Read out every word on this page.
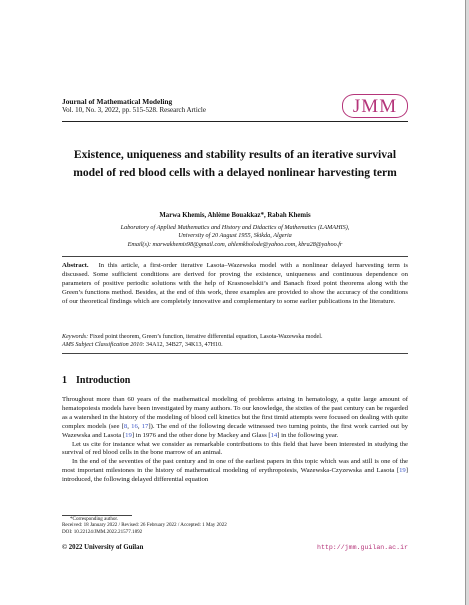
Journal of Mathematical Modeling
Vol. 10, No. 3, 2022, pp. 515-528. Research Article	JMM
Existence, uniqueness and stability results of an iterative survival model of red blood cells with a delayed nonlinear harvesting term
Marwa Khemis, Ahlème Bouakkaz*, Rabah Khemis
Laboratory of Applied Mathematics and History and Didactics of Mathematics (LAMAHIS),
University of 20 August 1955, Skikda, Algeria
Email(s): marwakhemis98@gmail.com, ahlemkholode@yahoo.com, kbra28@yahoo.fr
Abstract. In this article, a first-order iterative Lasota–Wazewska model with a nonlinear delayed harvesting term is discussed. Some sufficient conditions are derived for proving the existence, uniqueness and continuous dependence on parameters of positive periodic solutions with the help of Krasnoselskii’s and Banach fixed point theorems along with the Green’s functions method. Besides, at the end of this work, three examples are provided to show the accuracy of the conditions of our theoretical findings which are completely innovative and complementary to some earlier publications in the literature.
Keywords: Fixed point theorem, Green’s function, iterative differential equation, Lasota-Wazewska model.
AMS Subject Classification 2010: 34A12, 34B27, 34K13, 47H10.
1 Introduction

Throughout more than 60 years of the mathematical modeling of problems arising in hematology, a quite large amount of hematopoiesis models have been investigated by many authors. To our knowledge, the sixties of the past century can be regarded as a watershed in the history of the modeling of blood cell kinetics but the first timid attempts were focused on dealing with quite complex models (see [8, 16, 17]). The end of the following decade witnessed two turning points, the first work carried out by Wazewska and Lasota [19] in 1976 and the other done by Mackey and Glass [14] in the following year.

Let us cite for instance what we consider as remarkable contributions to this field that have been interested in studying the survival of red blood cells in the bone marrow of an animal.

In the end of the seventies of the past century and in one of the earliest papers in this topic which was and still is one of the most important milestones in the history of mathematical modeling of erythropoiesis, Wazewska-Czyzewska and Lasota [19] introduced, the following delayed differential equation

*Corresponding author.
Received: 18 January 2022 / Revised: 26 February 2022 / Accepted: 1 May 2022
DOI: 10.22124/JMM.2022.21577.1892
© 2022 University of Guilan	http://jmm.guilan.ac.ir
